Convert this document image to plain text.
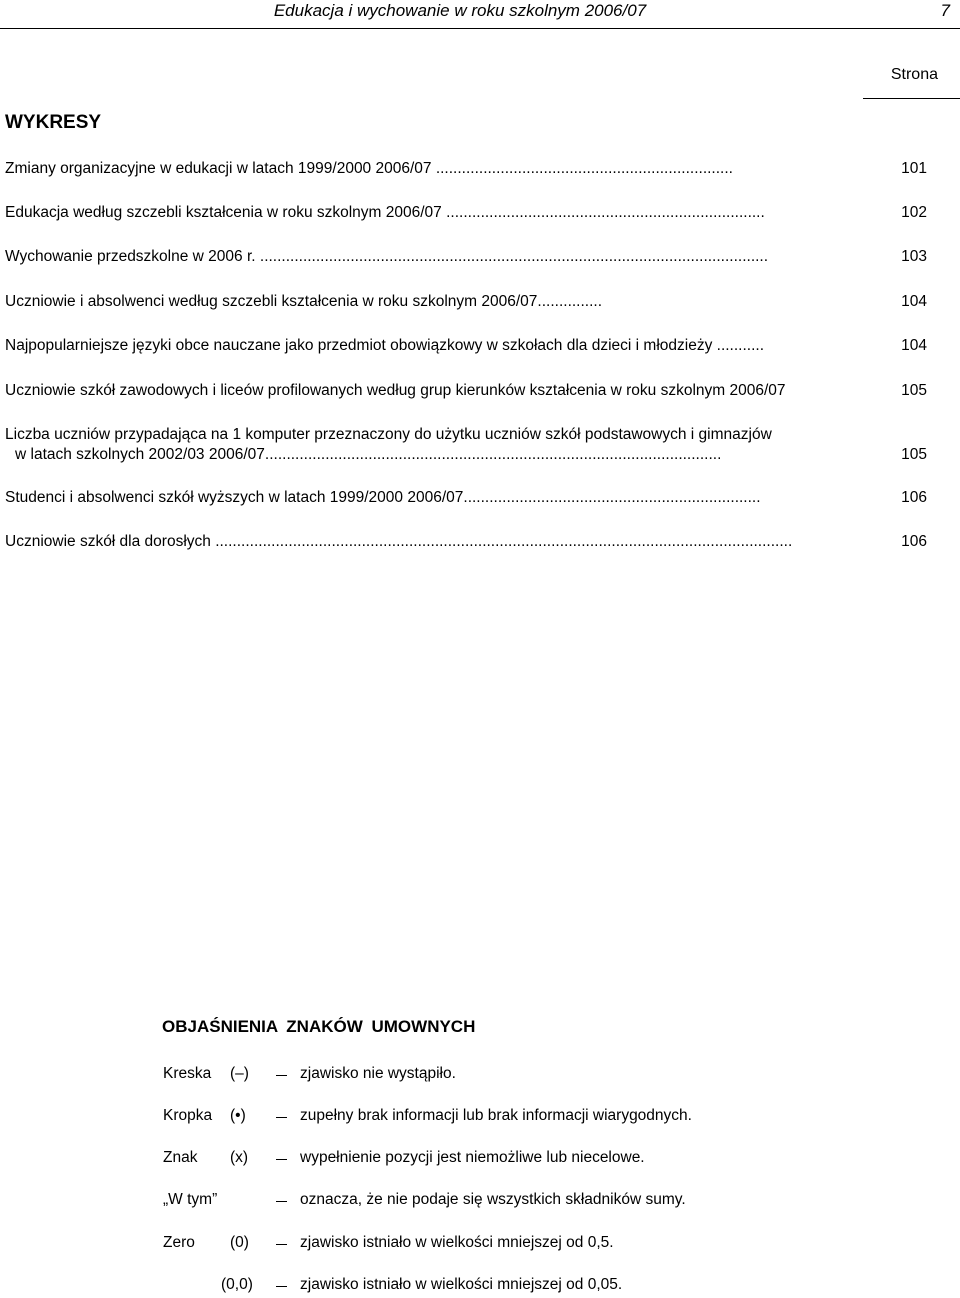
Edukacja i wychowanie w roku szkolnym 2006/07	7
Strona
WYKRESY
Zmiany organizacyjne w edukacji w latach 1999/2000 2006/07 .....................................................................	101
Edukacja według szczebli kształcenia w roku szkolnym 2006/07 ..........................................................................	102
Wychowanie przedszkolne w 2006 r. ......................................................................................................................	103
Uczniowie i absolwenci według szczebli kształcenia w roku szkolnym 2006/07...............	104
Najpopularniejsze języki obce nauczane jako przedmiot obowiązkowy w szkołach dla dzieci i młodzieży ...........	104
Uczniowie szkół zawodowych i liceów profilowanych według grup kierunków kształcenia w roku szkolnym 2006/07	105
Liczba uczniów przypadająca na 1 komputer przeznaczony do użytku uczniów szkół podstawowych i gimnazjów
w latach szkolnych 2002/03 2006/07..........................................................................................................	105
Studenci i absolwenci szkół wyższych w latach 1999/2000 2006/07.....................................................................	106
Uczniowie szkół dla dorosłych ......................................................................................................................................	106
OBJAŚNIENIA ZNAKÓW UMOWNYCH
Kreska (–)	zjawisko nie wystąpiło.
Kropka (•)	zupełny brak informacji lub brak informacji wiarygodnych.
Znak (x)	wypełnienie pozycji jest niemożliwe lub niecelowe.
„W tym”	oznacza, że nie podaje się wszystkich składników sumy.
Zero (0)	zjawisko istniało w wielkości mniejszej od 0,5.
(0,0)	zjawisko istniało w wielkości mniejszej od 0,05.
